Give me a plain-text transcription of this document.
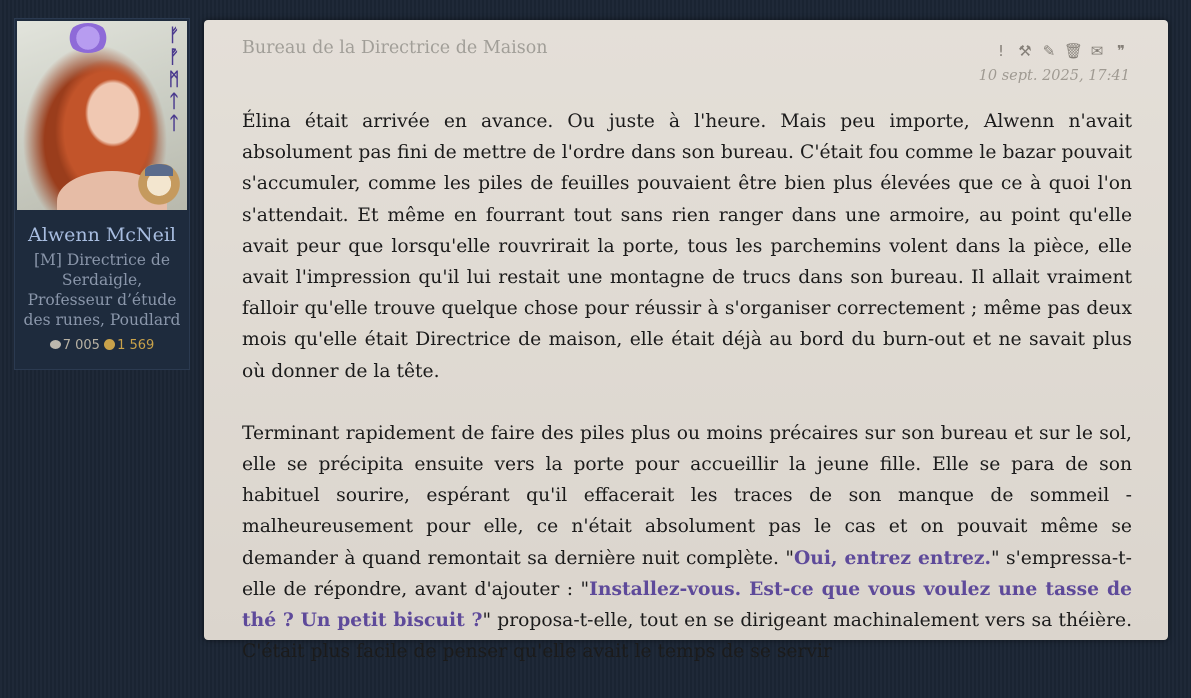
ᚠ
ᚡ
ᛗ
ᛏ
ᛏ
Alwenn McNeil
[M] Directrice de Serdaigle, Professeur d’étude des runes, Poudlard
7 005 1 569
Bureau de la Directrice de Maison	! ⚒ ✎ 🗑 ✉ ❞
10 sept. 2025, 17:41

Élina était arrivée en avance. Ou juste à l'heure. Mais peu importe, Alwenn n'avait absolument pas fini de mettre de l'ordre dans son bureau. C'était fou comme le bazar pouvait s'accumuler, comme les piles de feuilles pouvaient être bien plus élevées que ce à quoi l'on s'attendait. Et même en fourrant tout sans rien ranger dans une armoire, au point qu'elle avait peur que lorsqu'elle rouvrirait la porte, tous les parchemins volent dans la pièce, elle avait l'impression qu'il lui restait une montagne de trucs dans son bureau. Il allait vraiment falloir qu'elle trouve quelque chose pour réussir à s'organiser correctement ; même pas deux mois qu'elle était Directrice de maison, elle était déjà au bord du burn-out et ne savait plus où donner de la tête.

Terminant rapidement de faire des piles plus ou moins précaires sur son bureau et sur le sol, elle se précipita ensuite vers la porte pour accueillir la jeune fille. Elle se para de son habituel sourire, espérant qu'il effacerait les traces de son manque de sommeil - malheureusement pour elle, ce n'était absolument pas le cas et on pouvait même se demander à quand remontait sa dernière nuit complète. "Oui, entrez entrez." s'empressa-t-elle de répondre, avant d'ajouter : "Installez-vous. Est-ce que vous voulez une tasse de thé ? Un petit biscuit ?" proposa-t-elle, tout en se dirigeant machinalement vers sa théière. C'était plus facile de penser qu'elle avait le temps de se servir
